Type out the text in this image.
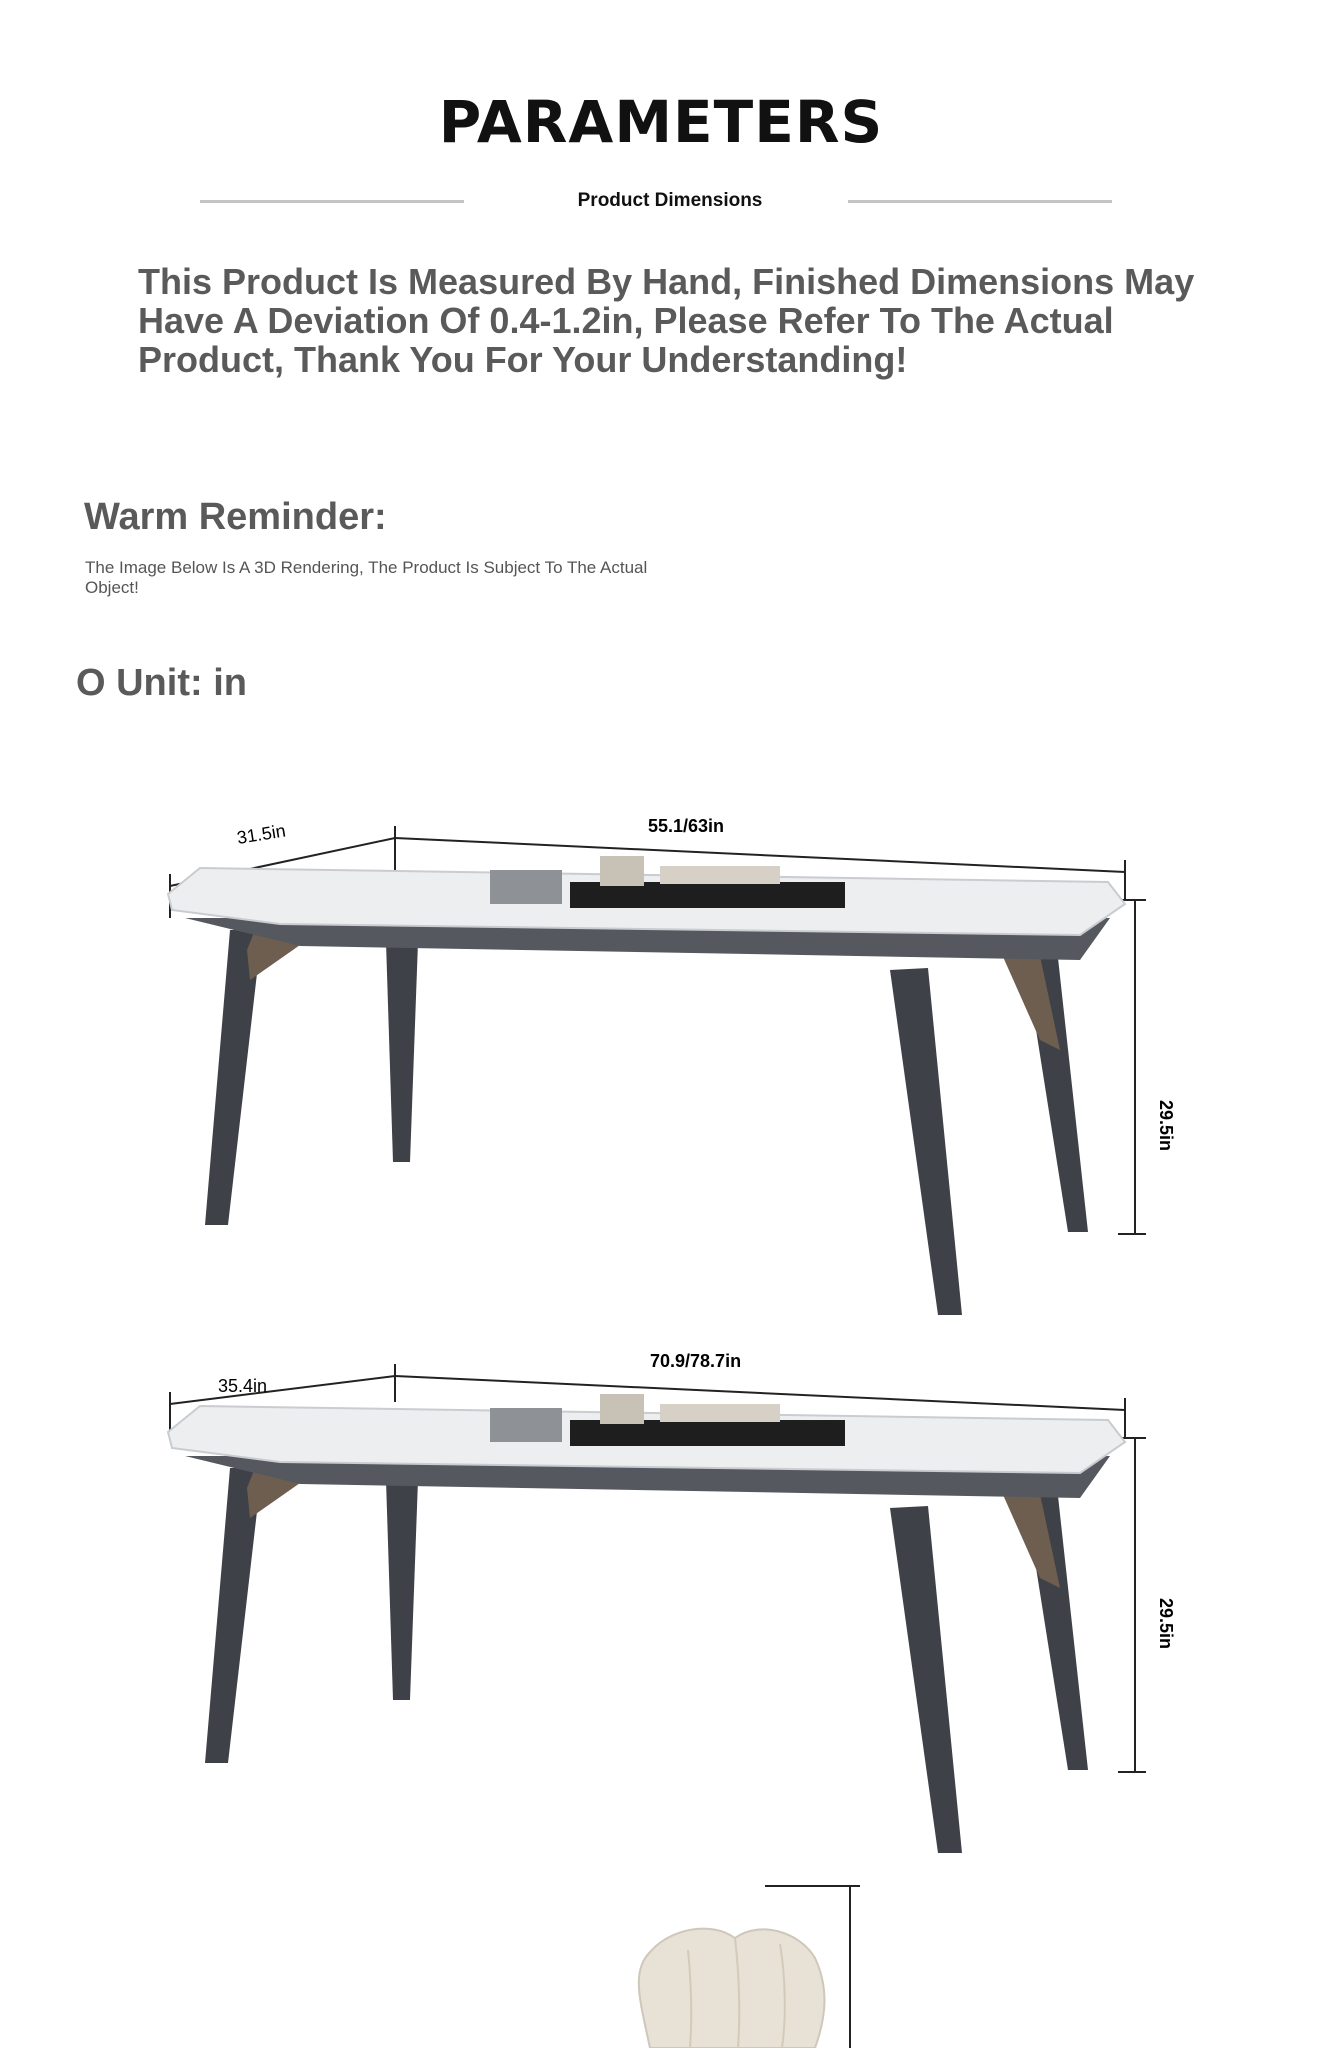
PARAMETERS
Product Dimensions
This Product Is Measured By Hand, Finished Dimensions May Have A Deviation Of 0.4-1.2in, Please Refer To The Actual Product, Thank You For Your Understanding!
Warm Reminder:
The Image Below Is A 3D Rendering, The Product Is Subject To The Actual Object!
O Unit: in
31.5in	55.1/63in
29.5in
35.4in
70.9/78.7in
29.5in
